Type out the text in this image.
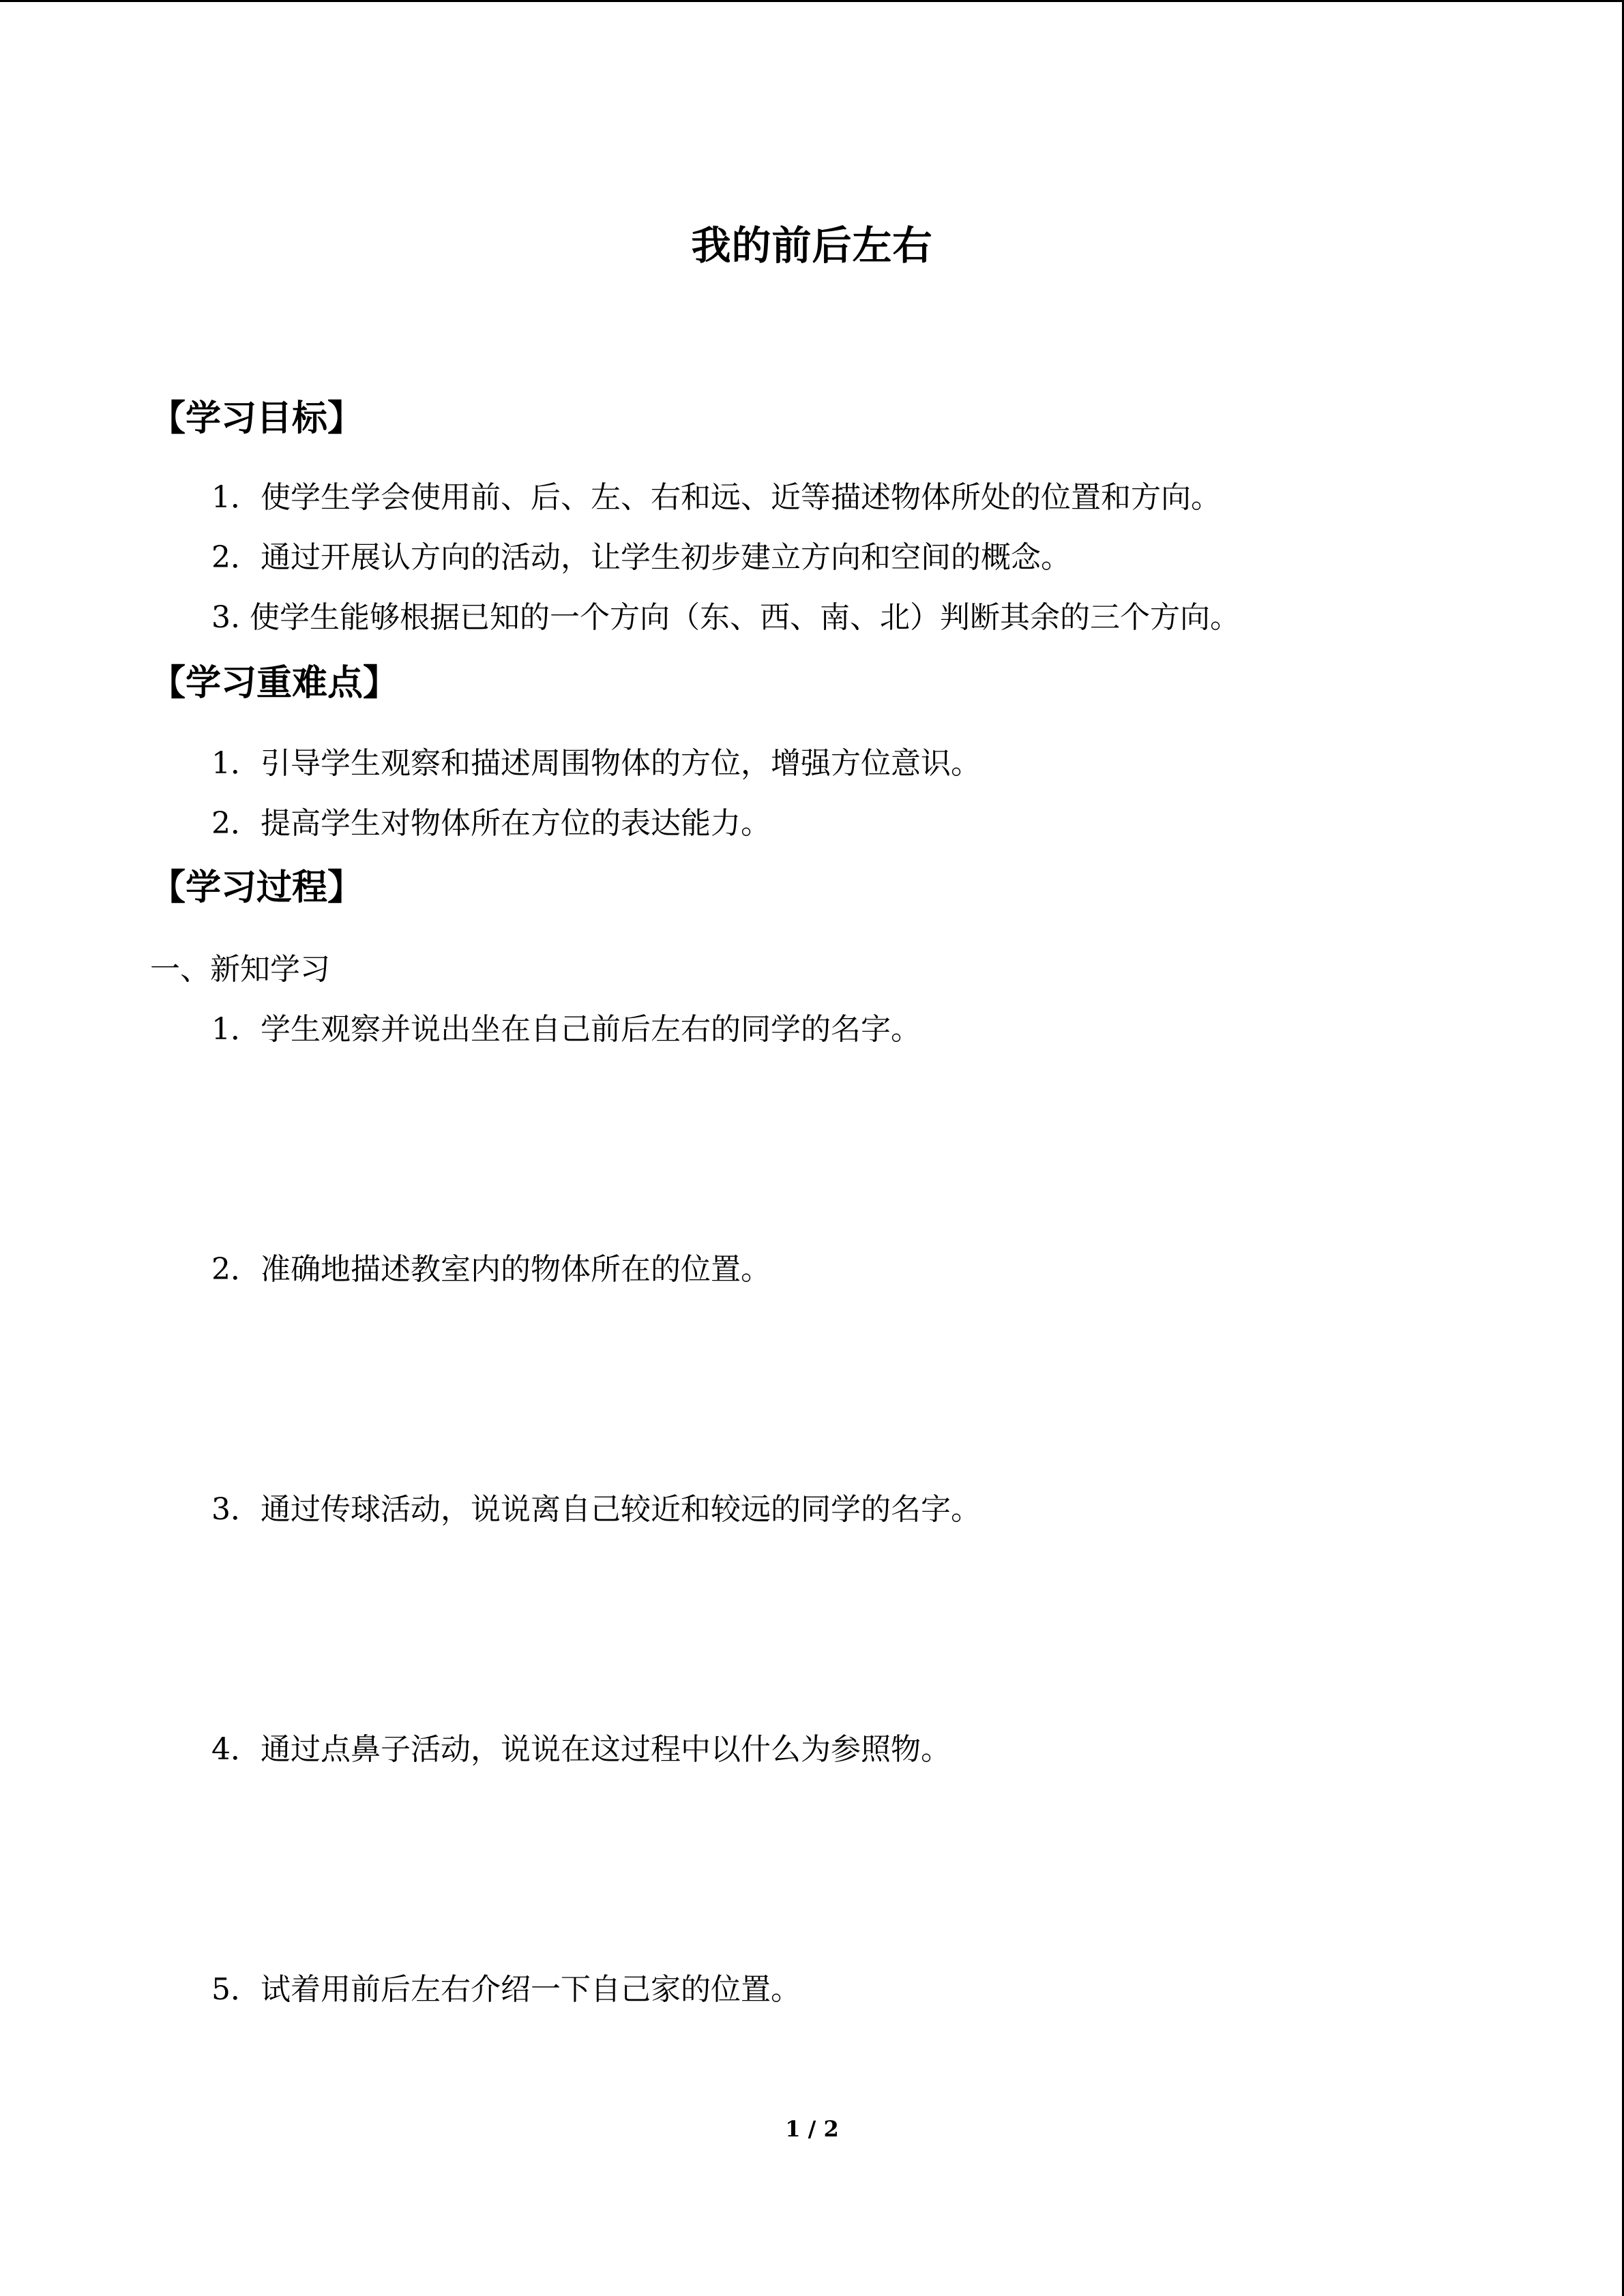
我的前后左右
【学习目标】
1．使学生学会使用前、后、左、右和远、近等描述物体所处的位置和方向。
2．通过开展认方向的活动，让学生初步建立方向和空间的概念。
3. 使学生能够根据已知的一个方向（东、西、南、北）判断其余的三个方向。
【学习重难点】
1．引导学生观察和描述周围物体的方位，增强方位意识。
2．提高学生对物体所在方位的表达能力。
【学习过程】
一、新知学习
1．学生观察并说出坐在自己前后左右的同学的名字。
2．准确地描述教室内的物体所在的位置。
3．通过传球活动，说说离自己较近和较远的同学的名字。
4．通过点鼻子活动，说说在这过程中以什么为参照物。
5．试着用前后左右介绍一下自己家的位置。
1 / 2
